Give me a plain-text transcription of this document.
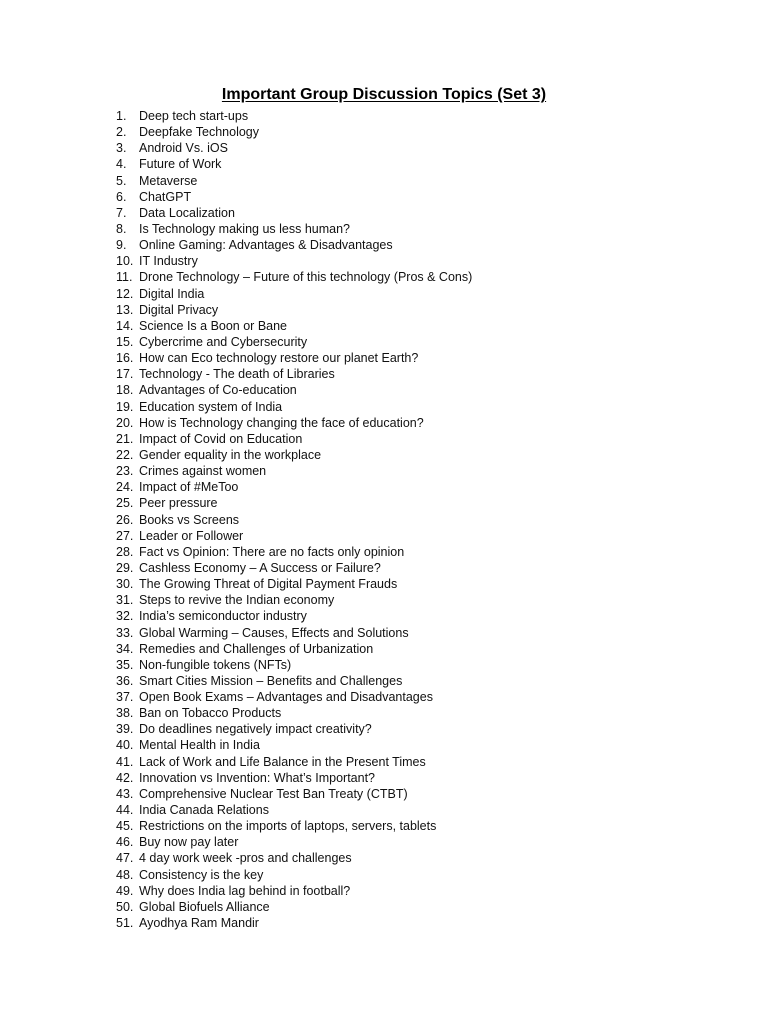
Important Group Discussion Topics (Set 3)
1.	Deep tech start-ups
2.	Deepfake Technology
3.	Android Vs. iOS
4.	Future of Work
5.	Metaverse
6.	ChatGPT
7.	Data Localization
8.	Is Technology making us less human?
9.	Online Gaming: Advantages & Disadvantages
10. IT Industry
11. Drone Technology – Future of this technology (Pros & Cons)
12. Digital India
13. Digital Privacy
14. Science Is a Boon or Bane
15. Cybercrime and Cybersecurity
16. How can Eco technology restore our planet Earth?
17. Technology - The death of Libraries
18. Advantages of Co-education
19. Education system of India
20. How is Technology changing the face of education?
21. Impact of Covid on Education
22. Gender equality in the workplace
23. Crimes against women
24. Impact of #MeToo
25. Peer pressure
26. Books vs Screens
27. Leader or Follower
28. Fact vs Opinion: There are no facts only opinion
29. Cashless Economy – A Success or Failure?
30. The Growing Threat of Digital Payment Frauds
31. Steps to revive the Indian economy
32. India’s semiconductor industry
33. Global Warming – Causes, Effects and Solutions
34. Remedies and Challenges of Urbanization
35. Non-fungible tokens (NFTs)
36. Smart Cities Mission – Benefits and Challenges
37. Open Book Exams – Advantages and Disadvantages
38. Ban on Tobacco Products
39. Do deadlines negatively impact creativity?
40. Mental Health in India
41. Lack of Work and Life Balance in the Present Times
42. Innovation vs Invention: What’s Important?
43. Comprehensive Nuclear Test Ban Treaty (CTBT)
44. India Canada Relations
45. Restrictions on the imports of laptops, servers, tablets
46. Buy now pay later
47. 4 day work week -pros and challenges
48. Consistency is the key
49. Why does India lag behind in football?
50. Global Biofuels Alliance
51. Ayodhya Ram Mandir
